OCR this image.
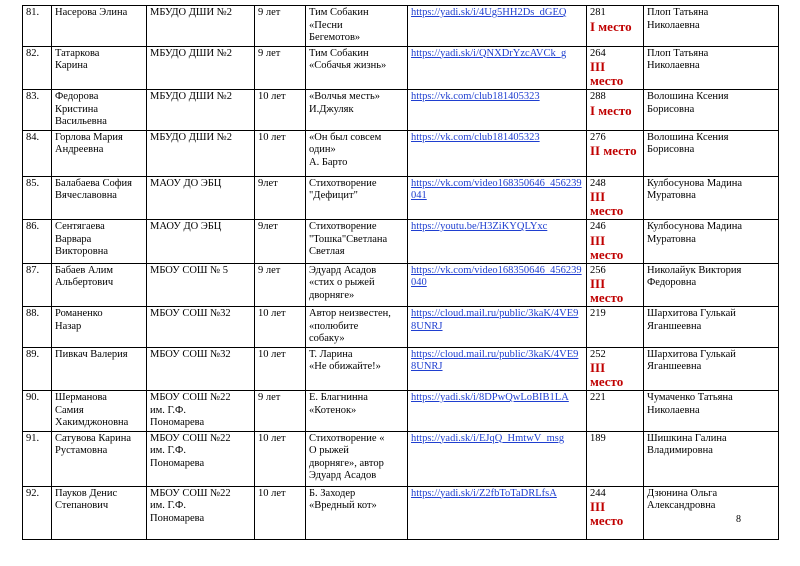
81.	Насерова Элина	МБУДО ДШИ №2	9 лет	Тим Собакин
«Песни
Бегемотов»	https://yadi.sk/i/4Ug5HH2Ds_dGEQ	281
I место	Плоп Татьяна
Николаевна
82.	Татаркова
Карина	МБУДО ДШИ №2	9 лет	Тим Собакин
«Собачья жизнь»	https://yadi.sk/i/QNXDrYzcAVCk_g	264
III место	Плоп Татьяна
Николаевна
83.	Федорова
Кристина
Васильевна	МБУДО ДШИ №2	10 лет	«Волчья месть»
И.Джуляк	https://vk.com/club181405323	288
I место	Волошина Ксения
Борисовна
84.	Горлова Мария
Андреевна	МБУДО ДШИ №2	10 лет	«Он был совсем
один»
А. Барто	https://vk.com/club181405323	276
II место	Волошина Ксения
Борисовна
85.	Балабаева София
Вячеславовна	МАОУ ДО ЭБЦ	9лет	Стихотворение
"Дефицит"	https://vk.com/video168350646_456239041	248
III место	Кулбосунова Мадина
Муратовна
86.	Сентягаева
Варвара
Викторовна	МАОУ ДО ЭБЦ	9лет	Стихотворение
"Тошка"Светлана
Светлая	https://youtu.be/H3ZiKYQLYxc	246
III место	Кулбосунова Мадина
Муратовна
87.	Бабаев Алим
Альбертович	МБОУ СОШ № 5	9 лет	Эдуард Асадов
«стих о рыжей
дворняге»	https://vk.com/video168350646_456239040	256
III место	Николайук Виктория
Федоровна
88.	Романенко
Назар	МБОУ СОШ №32	10 лет	Автор неизвестен,
«полюбите
собаку»	https://cloud.mail.ru/public/3kaK/4VE98UNRJ	219	Шархитова Гулькай
Яганшеевна
89.	Пивкач Валерия	МБОУ СОШ №32	10 лет	Т. Ларина
«Не обижайте!»	https://cloud.mail.ru/public/3kaK/4VE98UNRJ	252
III место	Шархитова Гулькай
Яганшеевна
90.	Шерманова
Самия
Хакимджоновна	МБОУ СОШ №22
им. Г.Ф.
Пономарева	9 лет	Е. Благнинна
«Котенок»	https://yadi.sk/i/8DPwQwLoBIB1LA	221	Чумаченко Татьяна
Николаевна
91.	Сатувова Карина
Рустамовна	МБОУ СОШ №22
им. Г.Ф.
Пономарева	10 лет	Стихотворение «
О рыжей
дворняге», автор
Эдуард Асадов	https://yadi.sk/i/EJqQ_HmtwV_msg	189	Шишкина Галина
Владимировна
92.	Пауков Денис
Степанович	МБОУ СОШ №22
им. Г.Ф.
Пономарева	10 лет	Б. Заходер
«Вредный кот»	https://yadi.sk/i/Z2fbToTaDRLfsA	244
III место	Дзюнина Ольга
Александровна
8
